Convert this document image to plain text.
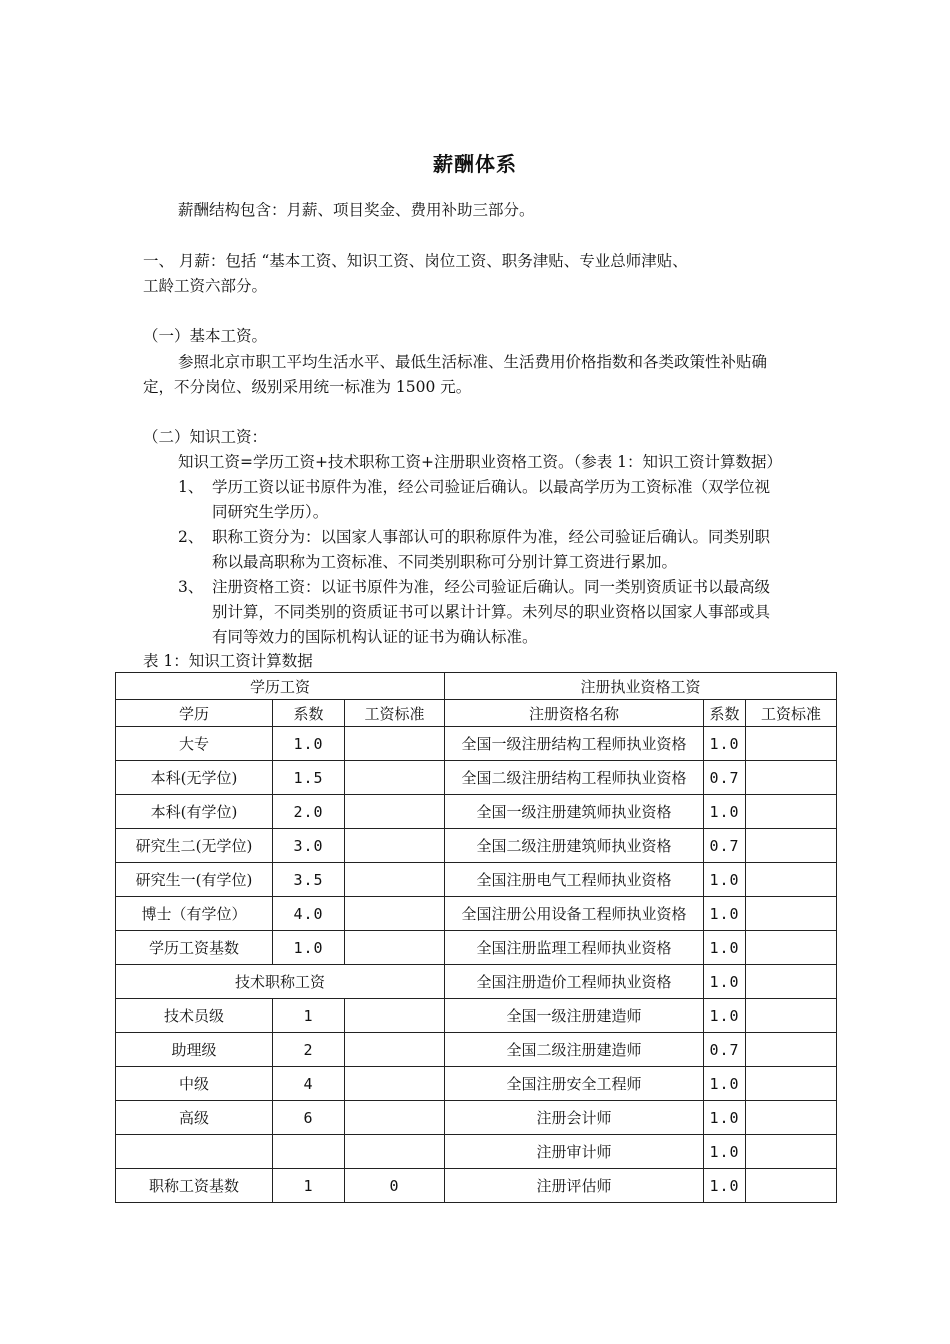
薪酬体系
薪酬结构包含：月薪、项目奖金、费用补助三部分。
一、 月薪：包括 “基本工资、知识工资、岗位工资、职务津贴、专业总师津贴、
工龄工资六部分。
（一）基本工资。
参照北京市职工平均生活水平、最低生活标准、生活费用价格指数和各类政策性补贴确
定，不分岗位、级别采用统一标准为 1500 元。
（二）知识工资：
知识工资=学历工资+技术职称工资+注册职业资格工资。（参表 1：知识工资计算数据）
1、 学历工资以证书原件为准，经公司验证后确认。以最高学历为工资标准（双学位视
同研究生学历）。
2、 职称工资分为：以国家人事部认可的职称原件为准，经公司验证后确认。同类别职
称以最高职称为工资标准、不同类别职称可分别计算工资进行累加。
3、 注册资格工资：以证书原件为准，经公司验证后确认。同一类别资质证书以最高级
别计算，不同类别的资质证书可以累计计算。未列尽的职业资格以国家人事部或具
有同等效力的国际机构认证的证书为确认标准。
表 1：知识工资计算数据
学历工资			注册执业资格工资		
学历	系数	工资标准	注册资格名称	系数	工资标准
大专	1.0		全国一级注册结构工程师执业资格	1.0	
本科(无学位)	1.5		全国二级注册结构工程师执业资格	0.7	
本科(有学位)	2.0		全国一级注册建筑师执业资格	1.0	
研究生二(无学位)	3.0		全国二级注册建筑师执业资格	0.7	
研究生一(有学位)	3.5		全国注册电气工程师执业资格	1.0	
博士（有学位）	4.0		全国注册公用设备工程师执业资格	1.0	
学历工资基数	1.0		全国注册监理工程师执业资格	1.0	
技术职称工资			全国注册造价工程师执业资格	1.0	
技术员级	1		全国一级注册建造师	1.0	
助理级	2		全国二级注册建造师	0.7	
中级	4		全国注册安全工程师	1.0	
高级	6		注册会计师	1.0	
			注册审计师	1.0	
职称工资基数	1	0	注册评估师	1.0	
